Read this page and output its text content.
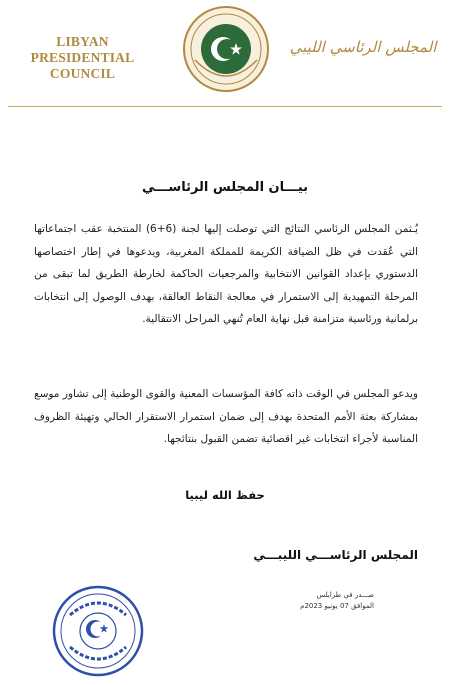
LIBYAN PRESIDENTIAL COUNCIL
المجلس الرئاسي الليبي
بيـــان المجلس الرئاســـي
يُـثمن المجلس الرئاسي النتائج التي توصلت إليها لجنة (6+6) المنتخبة عقب اجتماعاتها التي عُقدت في ظل الضيافة الكريمة للمملكة المغربية، ويدعوها في إطار اختصاصها الدستوري بإعداد القوانين الانتخابية والمرجعيات الحاكمة لخارطة الطريق لما تبقى من المرحلة التمهيدية إلى الاستمرار في معالجة النقاط العالقة، بهدف الوصول إلى انتخابات برلمانية ورئاسية متزامنة قبل نهاية العام تُنهي المراحل الانتقالية.
ويدعو المجلس في الوقت ذاته كافة المؤسسات المعنية والقوى الوطنية إلى تشاور موسع بمشاركة بعثة الأمم المتحدة بهدف إلى ضمان استمرار الاستقرار الحالي وتهيئة الظروف المناسبة لأجراء انتخابات غير اقصائية تضمن القبول بنتائجها.
حفظ الله ليبيا
المجلس الرئاســـي الليبـــي
صـــدر في طرابلس
الموافق 07 يونيو 2023م
